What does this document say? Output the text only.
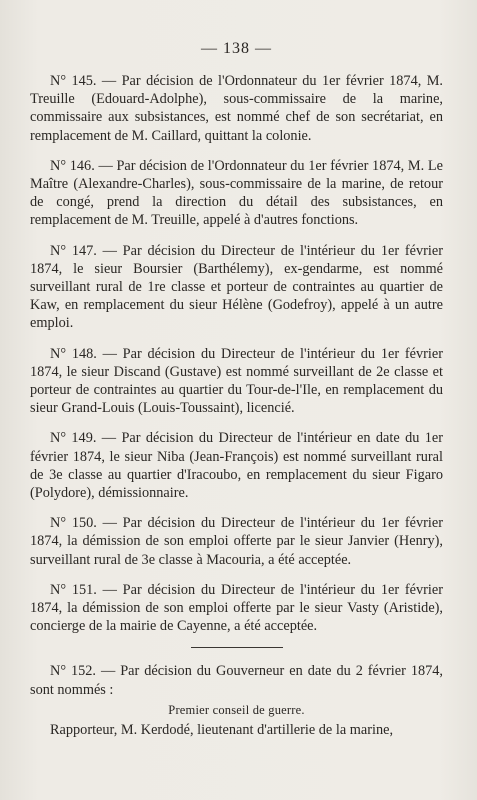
— 138 —

N° 145. — Par décision de l'Ordonnateur du 1er février 1874, M. Treuille (Edouard-Adolphe), sous-commissaire de la marine, commissaire aux subsistances, est nommé chef de son secrétariat, en remplacement de M. Caillard, quittant la colonie.

N° 146. — Par décision de l'Ordonnateur du 1er février 1874, M. Le Maître (Alexandre-Charles), sous-commissaire de la marine, de retour de congé, prend la direction du détail des subsistances, en remplacement de M. Treuille, appelé à d'autres fonctions.

N° 147. — Par décision du Directeur de l'intérieur du 1er février 1874, le sieur Boursier (Barthélemy), ex-gendarme, est nommé surveillant rural de 1re classe et porteur de contraintes au quartier de Kaw, en remplacement du sieur Hélène (Godefroy), appelé à un autre emploi.

N° 148. — Par décision du Directeur de l'intérieur du 1er février 1874, le sieur Discand (Gustave) est nommé surveillant de 2e classe et porteur de contraintes au quartier du Tour-de-l'Ile, en remplacement du sieur Grand-Louis (Louis-Toussaint), licencié.

N° 149. — Par décision du Directeur de l'intérieur en date du 1er février 1874, le sieur Niba (Jean-François) est nommé surveillant rural de 3e classe au quartier d'Iracoubo, en remplacement du sieur Figaro (Polydore), démissionnaire.

N° 150. — Par décision du Directeur de l'intérieur du 1er février 1874, la démission de son emploi offerte par le sieur Janvier (Henry), surveillant rural de 3e classe à Macouria, a été acceptée.

N° 151. — Par décision du Directeur de l'intérieur du 1er février 1874, la démission de son emploi offerte par le sieur Vasty (Aristide), concierge de la mairie de Cayenne, a été acceptée.

N° 152. — Par décision du Gouverneur en date du 2 février 1874, sont nommés :

Premier conseil de guerre.

Rapporteur, M. Kerdodé, lieutenant d'artillerie de la marine,
